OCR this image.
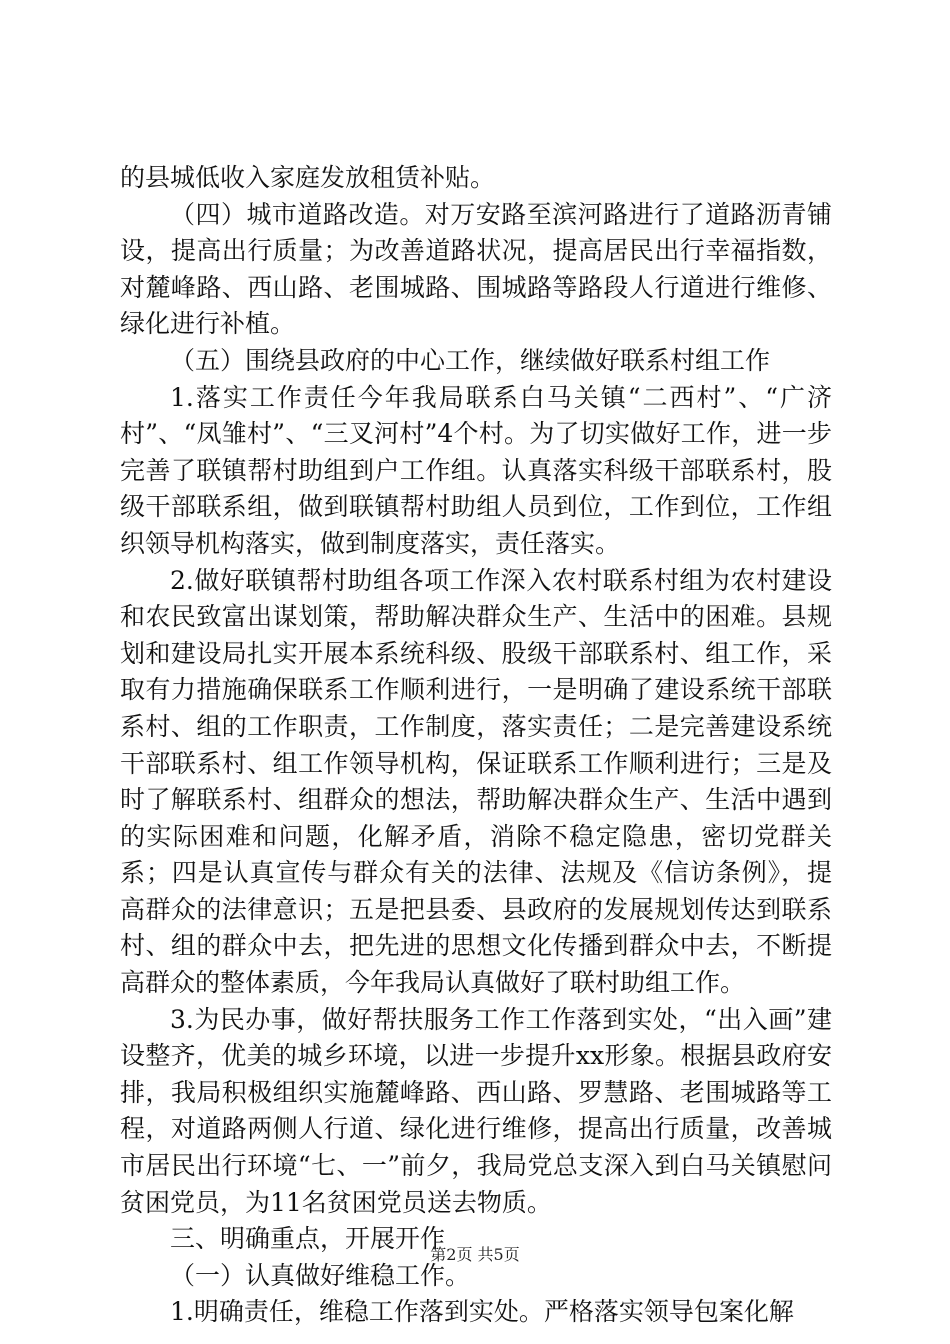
的县城低收入家庭发放租赁补贴。

（四）城市道路改造。对万安路至滨河路进行了道路沥青铺设，提高出行质量；为改善道路状况，提高居民出行幸福指数，对麓峰路、西山路、老围城路、围城路等路段人行道进行维修、绿化进行补植。

（五）围绕县政府的中心工作，继续做好联系村组工作

1.落实工作责任今年我局联系白马关镇“二西村”、“广济村”、“凤雏村”、“三叉河村”4个村。为了切实做好工作，进一步完善了联镇帮村助组到户工作组。认真落实科级干部联系村，股级干部联系组，做到联镇帮村助组人员到位，工作到位，工作组织领导机构落实，做到制度落实，责任落实。

2.做好联镇帮村助组各项工作深入农村联系村组为农村建设和农民致富出谋划策，帮助解决群众生产、生活中的困难。县规划和建设局扎实开展本系统科级、股级干部联系村、组工作，采取有力措施确保联系工作顺利进行，一是明确了建设系统干部联系村、组的工作职责，工作制度，落实责任；二是完善建设系统干部联系村、组工作领导机构，保证联系工作顺利进行；三是及时了解联系村、组群众的想法，帮助解决群众生产、生活中遇到的实际困难和问题，化解矛盾，消除不稳定隐患，密切党群关系；四是认真宣传与群众有关的法律、法规及《信访条例》，提高群众的法律意识；五是把县委、县政府的发展规划传达到联系村、组的群众中去，把先进的思想文化传播到群众中去，不断提高群众的整体素质，今年我局认真做好了联村助组工作。

3.为民办事，做好帮扶服务工作工作落到实处，“出入画”建设整齐，优美的城乡环境，以进一步提升xx形象。根据县政府安排，我局积极组织实施麓峰路、西山路、罗慧路、老围城路等工程，对道路两侧人行道、绿化进行维修，提高出行质量，改善城市居民出行环境“七、一”前夕，我局党总支深入到白马关镇慰问贫困党员，为11名贫困党员送去物质。

三、明确重点，开展开作

（一）认真做好维稳工作。

1.明确责任，维稳工作落到实处。严格落实领导包案化解

第2页 共5页
